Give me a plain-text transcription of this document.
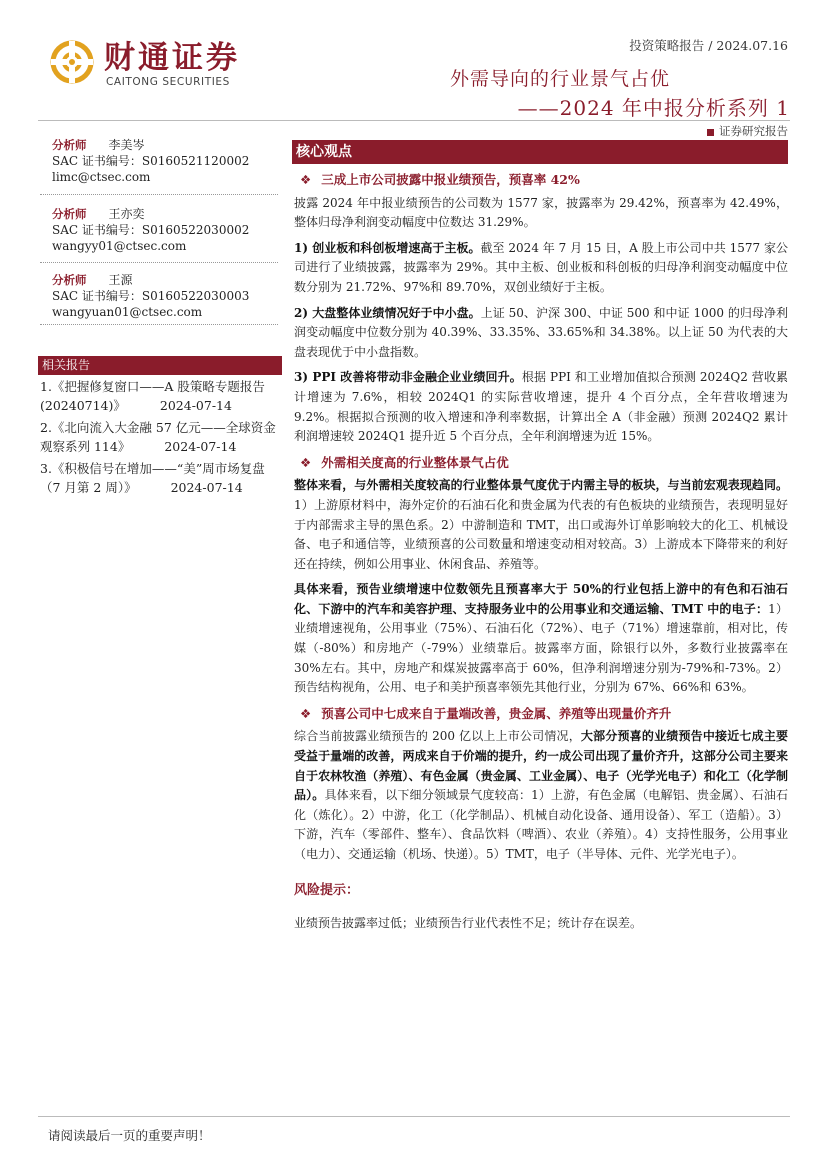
财通证券
CAITONG SECURITIES
投资策略报告 / 2024.07.16
外需导向的行业景气占优
——2024 年中报分析系列 1
证券研究报告
分析师 李美岑
SAC 证书编号：S0160521120002
limc@ctsec.com
分析师 王亦奕
SAC 证书编号：S0160522030002
wangyy01@ctsec.com
分析师 王源
SAC 证书编号：S0160522030003
wangyuan01@ctsec.com
相关报告
1.《把握修复窗口——A 股策略专题报告(20240714)》	2024-07-14
2.《北向流入大金融 57 亿元——全球资金观察系列 114》	2024-07-14
3.《积极信号在增加——“美”周市场复盘（7 月第 2 周）》	2024-07-14
核心观点
❖ 三成上市公司披露中报业绩预告，预喜率 42%

披露 2024 年中报业绩预告的公司数为 1577 家，披露率为 29.42%，预喜率为 42.49%，整体归母净利润变动幅度中位数达 31.29%。

1) 创业板和科创板增速高于主板。截至 2024 年 7 月 15 日，A 股上市公司中共 1577 家公司进行了业绩披露，披露率为 29%。其中主板、创业板和科创板的归母净利润变动幅度中位数分别为 21.72%、97%和 89.70%，双创业绩好于主板。

2) 大盘整体业绩情况好于中小盘。上证 50、沪深 300、中证 500 和中证 1000 的归母净利润变动幅度中位数分别为 40.39%、33.35%、33.65%和 34.38%。以上证 50 为代表的大盘表现优于中小盘指数。

3) PPI 改善将带动非金融企业业绩回升。根据 PPI 和工业增加值拟合预测 2024Q2 营收累计增速为 7.6%，相较 2024Q1 的实际营收增速，提升 4 个百分点，全年营收增速为 9.2%。根据拟合预测的收入增速和净利率数据，计算出全 A（非金融）预测 2024Q2 累计利润增速较 2024Q1 提升近 5 个百分点，全年利润增速为近 15%。

❖ 外需相关度高的行业整体景气占优

整体来看，与外需相关度较高的行业整体景气度优于内需主导的板块，与当前宏观表现趋同。1）上游原材料中，海外定价的石油石化和贵金属为代表的有色板块的业绩预告，表现明显好于内部需求主导的黑色系。2）中游制造和 TMT，出口或海外订单影响较大的化工、机械设备、电子和通信等，业绩预喜的公司数量和增速变动相对较高。3）上游成本下降带来的利好还在持续，例如公用事业、休闲食品、养殖等。

具体来看，预告业绩增速中位数领先且预喜率大于 50%的行业包括上游中的有色和石油石化、下游中的汽车和美容护理、支持服务业中的公用事业和交通运输、TMT 中的电子：1）业绩增速视角，公用事业（75%）、石油石化（72%）、电子（71%）增速靠前，相对比，传媒（-80%）和房地产（-79%）业绩靠后。披露率方面，除银行以外，多数行业披露率在 30%左右。其中，房地产和煤炭披露率高于 60%，但净利润增速分别为-79%和-73%。2）预告结构视角，公用、电子和美护预喜率领先其他行业，分别为 67%、66%和 63%。

❖ 预喜公司中七成来自于量端改善，贵金属、养殖等出现量价齐升

综合当前披露业绩预告的 200 亿以上上市公司情况，大部分预喜的业绩预告中接近七成主要受益于量端的改善，两成来自于价端的提升，约一成公司出现了量价齐升，这部分公司主要来自于农林牧渔（养殖）、有色金属（贵金属、工业金属）、电子（光学光电子）和化工（化学制品）。具体来看，以下细分领域景气度较高：1）上游，有色金属（电解铝、贵金属）、石油石化（炼化）。2）中游，化工（化学制品）、机械自动化设备、通用设备）、军工（造船）。3）下游，汽车（零部件、整车）、食品饮料（啤酒）、农业（养殖）。4）支持性服务，公用事业（电力）、交通运输（机场、快递）。5）TMT，电子（半导体、元件、光学光电子）。

风险提示：

业绩预告披露率过低；业绩预告行业代表性不足；统计存在误差。

请阅读最后一页的重要声明！
